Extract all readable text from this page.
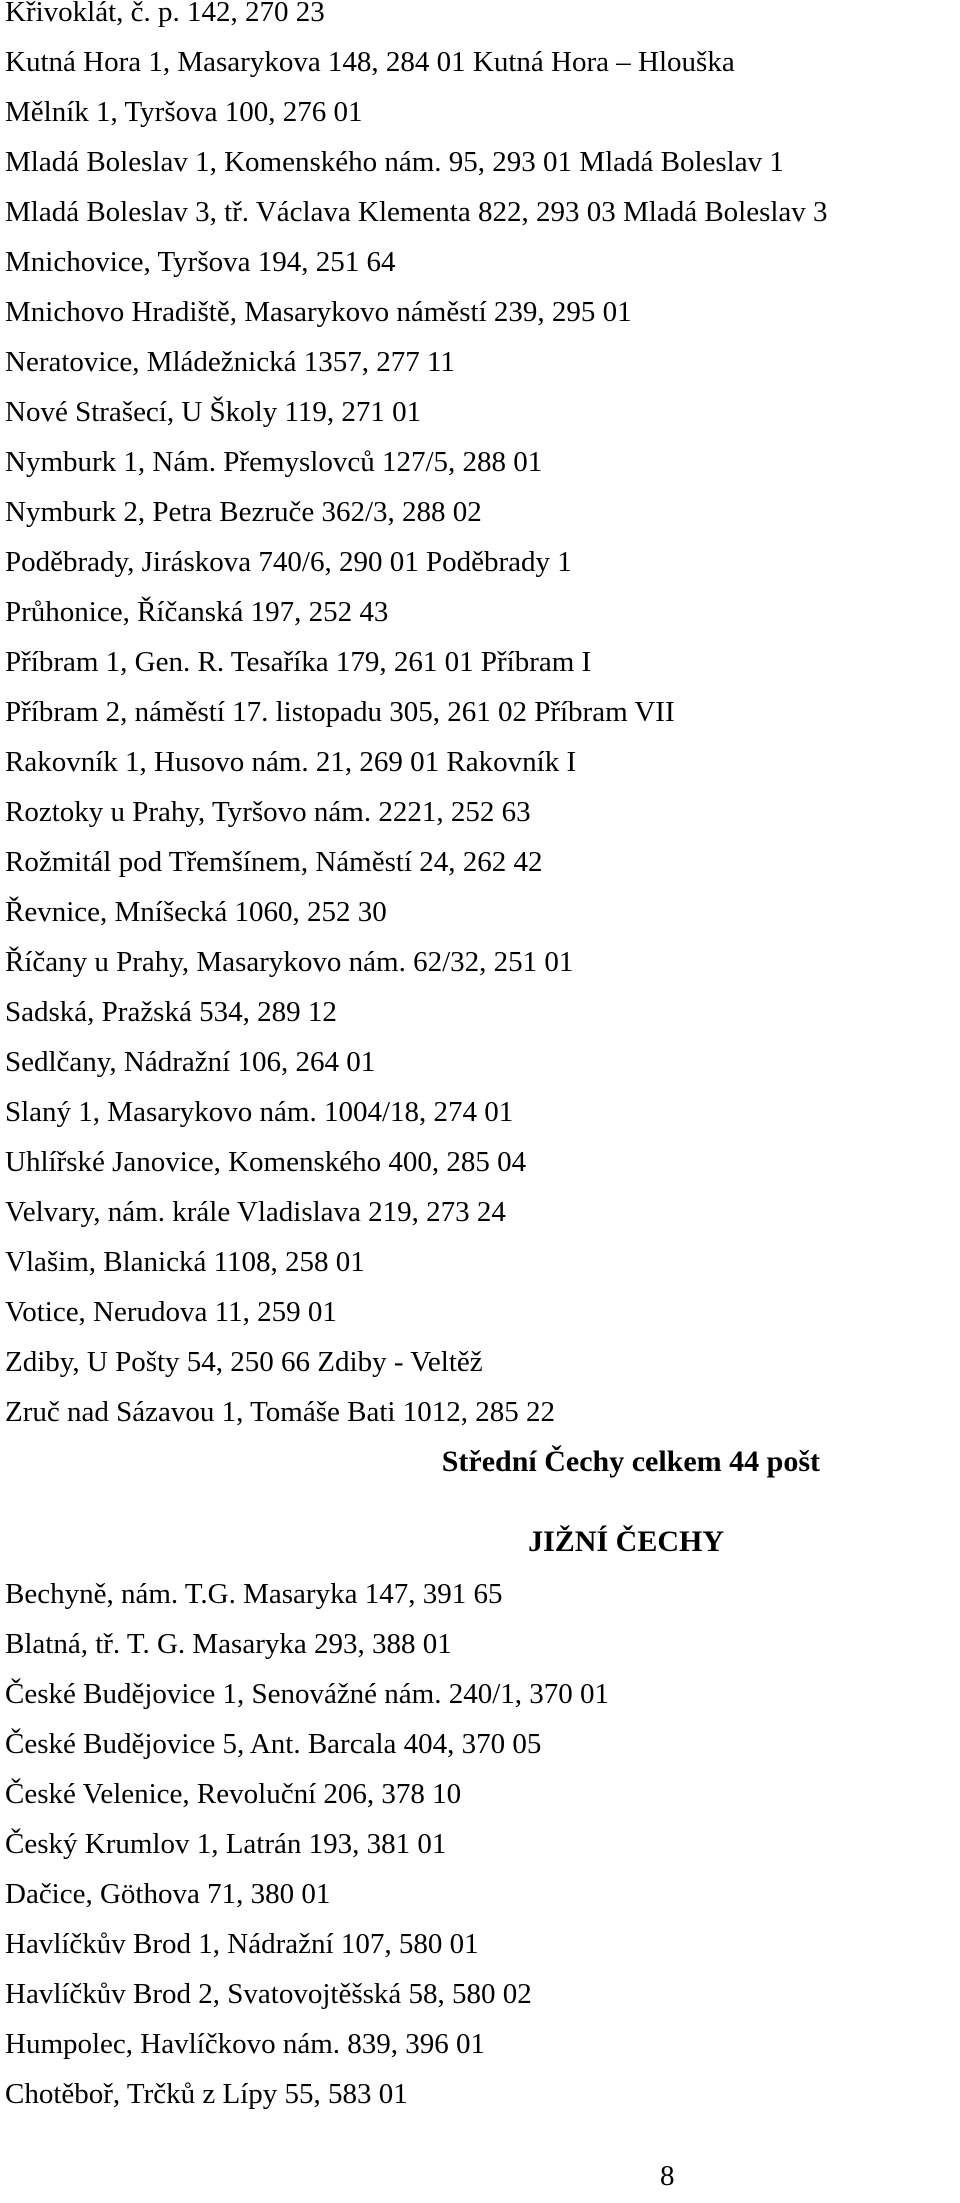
Křivoklát, č. p. 142, 270 23
Kutná Hora 1, Masarykova 148, 284 01 Kutná Hora – Hlouška
Mělník 1, Tyršova 100, 276 01
Mladá Boleslav 1, Komenského nám. 95, 293 01 Mladá Boleslav 1
Mladá Boleslav 3, tř. Václava Klementa 822, 293 03 Mladá Boleslav 3
Mnichovice, Tyršova 194, 251 64
Mnichovo Hradiště, Masarykovo náměstí 239, 295 01
Neratovice, Mládežnická 1357, 277 11
Nové Strašecí, U Školy 119, 271 01
Nymburk 1, Nám. Přemyslovců 127/5, 288 01
Nymburk 2, Petra Bezruče 362/3, 288 02
Poděbrady, Jiráskova 740/6, 290 01 Poděbrady 1
Průhonice, Říčanská 197, 252 43
Příbram 1, Gen. R. Tesaříka 179, 261 01 Příbram I
Příbram 2, náměstí 17. listopadu 305, 261 02 Příbram VII
Rakovník 1, Husovo nám. 21, 269 01 Rakovník I
Roztoky u Prahy, Tyršovo nám. 2221, 252 63
Rožmitál pod Třemšínem, Náměstí 24, 262 42
Řevnice, Mníšecká 1060, 252 30
Říčany u Prahy, Masarykovo nám. 62/32, 251 01
Sadská, Pražská 534, 289 12
Sedlčany, Nádražní 106, 264 01
Slaný 1, Masarykovo nám. 1004/18, 274 01
Uhlířské Janovice, Komenského 400, 285 04
Velvary, nám. krále Vladislava 219, 273 24
Vlašim, Blanická 1108, 258 01
Votice, Nerudova 11, 259 01
Zdiby, U Pošty 54, 250 66 Zdiby - Veltěž
Zruč nad Sázavou 1, Tomáše Bati 1012, 285 22
Střední Čechy celkem 44 pošt
JIŽNÍ ČECHY
Bechyně, nám. T.G. Masaryka 147, 391 65
Blatná, tř. T. G. Masaryka 293, 388 01
České Budějovice 1, Senovážné nám. 240/1, 370 01
České Budějovice 5, Ant. Barcala 404, 370 05
České Velenice, Revoluční 206, 378 10
Český Krumlov 1, Latrán 193, 381 01
Dačice, Göthova 71, 380 01
Havlíčkův Brod 1, Nádražní 107, 580 01
Havlíčkův Brod 2, Svatovojtěšská 58, 580 02
Humpolec, Havlíčkovo nám. 839, 396 01
Chotěboř, Trčků z Lípy 55, 583 01
8
